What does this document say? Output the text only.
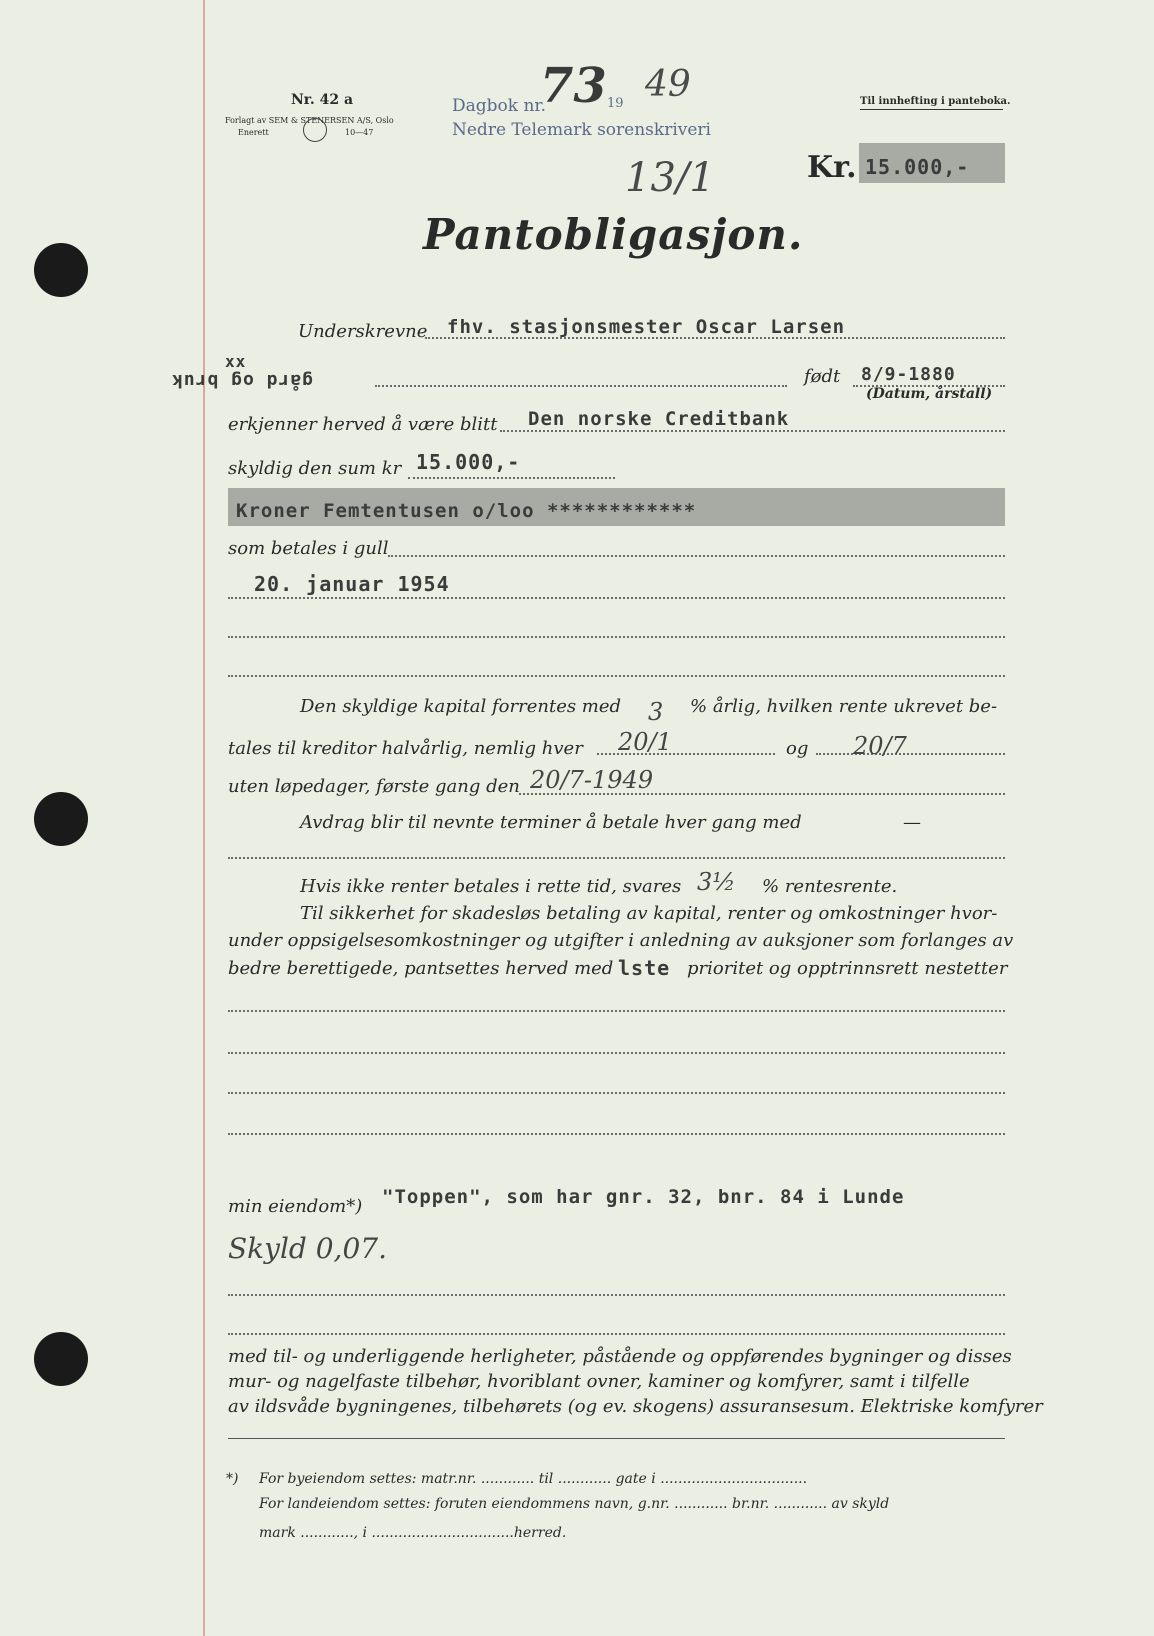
Nr. 42 a
Forlagt av SEM & STENERSEN A/S, Oslo
Enerett	10—47
Dagbok nr.
73 19 49
Nedre Telemark sorenskriveri
13/1
Til innhefting i panteboka.
Kr. 15.000,-
Pantobligasjon.
Underskrevne fhv. stasjonsmester Oscar Larsen
xx
gård og bruk	født 8/9-1880
(Datum, årstall)
erkjenner herved å være blitt Den norske Creditbank
skyldig den sum kr 15.000,-
Kroner Femtentusen o/loo ************
som betales i gull
20. januar 1954
Den skyldige kapital forrentes med 3 % årlig, hvilken rente ukrevet be-
tales til kreditor halvårlig, nemlig hver 20/1	og 20/7
uten løpedager, første gang den 20/7-1949
Avdrag blir til nevnte terminer å betale hver gang med	—
Hvis ikke renter betales i rette tid, svares 3½ % rentesrente.
Til sikkerhet for skadesløs betaling av kapital, renter og omkostninger hvor-
under oppsigelsesomkostninger og utgifter i anledning av auksjoner som forlanges av
bedre berettigede, pantsettes herved med lste prioritet og opptrinnsrett nestetter
min eiendom*) "Toppen", som har gnr. 32, bnr. 84 i Lunde
Skyld 0,07.
med til- og underliggende herligheter, påstående og oppførendes bygninger og disses
mur- og nagelfaste tilbehør, hvoriblant ovner, kaminer og komfyrer, samt i tilfelle
av ildsvåde bygningenes, tilbehørets (og ev. skogens) assuransesum. Elektriske komfyrer
*) For byeiendom settes: matr.nr. ............ til ............ gate i .................................
For landeiendom settes: foruten eiendommens navn, g.nr. ............ br.nr. ............ av skyld
mark ............, i ................................herred.
